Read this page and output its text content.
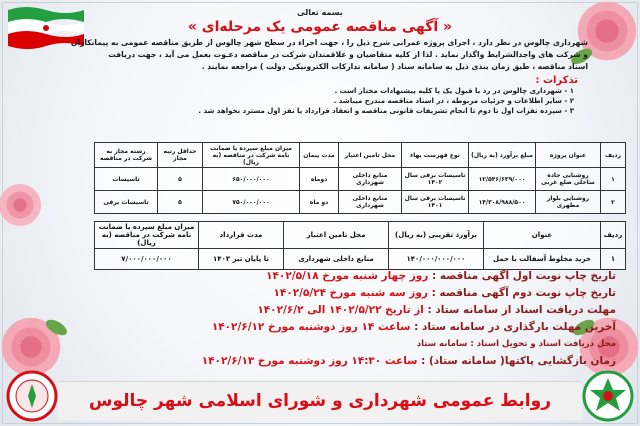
بسمه تعالی
« آگهی مناقصه عمومی یک مرحله‌ای »
شهرداری چالوس در نظر دارد ، اجرای پروژه عمرانی شرح ذیل را ، جهت اجراء در سطح شهر چالوس از طریق مناقصه عمومی به پیمانکاران
و شرکت های واجدالشرایط واگذار نماید . لذا از کلیه متقاضیان و علاقمندان شرکت در مناقصه دعـوت بعمل می آید ، جهت دریافت
اسناد مناقصه ، طبق زمان بندی ذیل به سامانه ستاد ( سامانه تدارکات الکترونیکی دولت ) مراجعه نمایند .
تذکرات :
۱ - شهرداری چالوس در رد یا قبول یک یا کلیه پیشنهادات مختار است .
۲ - سایر اطلاعات و جزئیات مربوطه ، در اسناد مناقصه مندرج میباشد .
۳ - سپرده نفرات اول تا دوم تا انجام تشریفات قانونی مناقصه و انعقاد قرارداد یا نفر اول مسترد نخواهد شد .
ردیف	عنوان پروژه	مبلغ برآورد (به ریال)	نوع فهرست بهاء	محل تامین اعتبار	مدت پیمان	میزان مبلغ سپرده یا ضمانت نامه شرکت در مناقصه (به ریال)	حداقل رتبه مجاز	رشته مجاز به شرکت در مناقصه
۱	روشنایی جاده ساحلی ضلع غربی	۱۲/۵۴۶/۶۳۹/۰۰۰	تاسیسات برقی سال ۱۴۰۲	منابع داخلی شهرداری	دوماه	۶۵۰/۰۰۰/۰۰۰	۵	تاسیسات
۲	روشنایی بلوار مطهری	۱۴/۳۰۸/۹۸۸/۵۰۰	تاسیسات برقی سال ۱۴۰۱	منابع داخلی شهرداری	دو ماه	۷۵۰/۰۰۰/۰۰۰	۵	تاسیسات برقی
ردیف	عنوان	برآورد تقریبی (به ریال)	محل تامین اعتبار	مدت قرارداد	میزان مبلغ سپرده یا ضمانت نامه شرکت در مناقصه (به ریال)
۱	خرید مخلوط آسفالت با حمل	۱۴۰/۰۰۰/۰۰۰/۰۰۰	منابع داخلی شهرداری	تا پایان تیر ۱۴۰۳	۷/۰۰۰/۰۰۰/۰۰۰
تاریخ چاپ نوبت اول آگهی مناقصه : روز چهار شنبه مورخ ۱۴۰۲/۵/۱۸
تاریخ چاپ نوبت دوم آگهی مناقصه : روز سه شنبه مورخ ۱۴۰۲/۵/۲۴
مهلت دریافت اسناد از سامانه ستاد : از تاریخ ۱۴۰۲/۵/۲۲ الی ۱۴۰۲/۶/۲
آخرین مهلت بارگذاری در سامانه ستاد : ساعت ۱۴ روز دوشنبه مورخ ۱۴۰۲/۶/۱۲
محل دریافت اسناد و تحویل اسناد : سامانه ستاد
زمان بازگشایی پاکتها( سامانه ستاد) : ساعت ۱۴:۳۰ روز دوشنبه مورخ ۱۴۰۲/۶/۱۳
روابط عمومی شهرداری و شورای اسلامی شهر چالوس
